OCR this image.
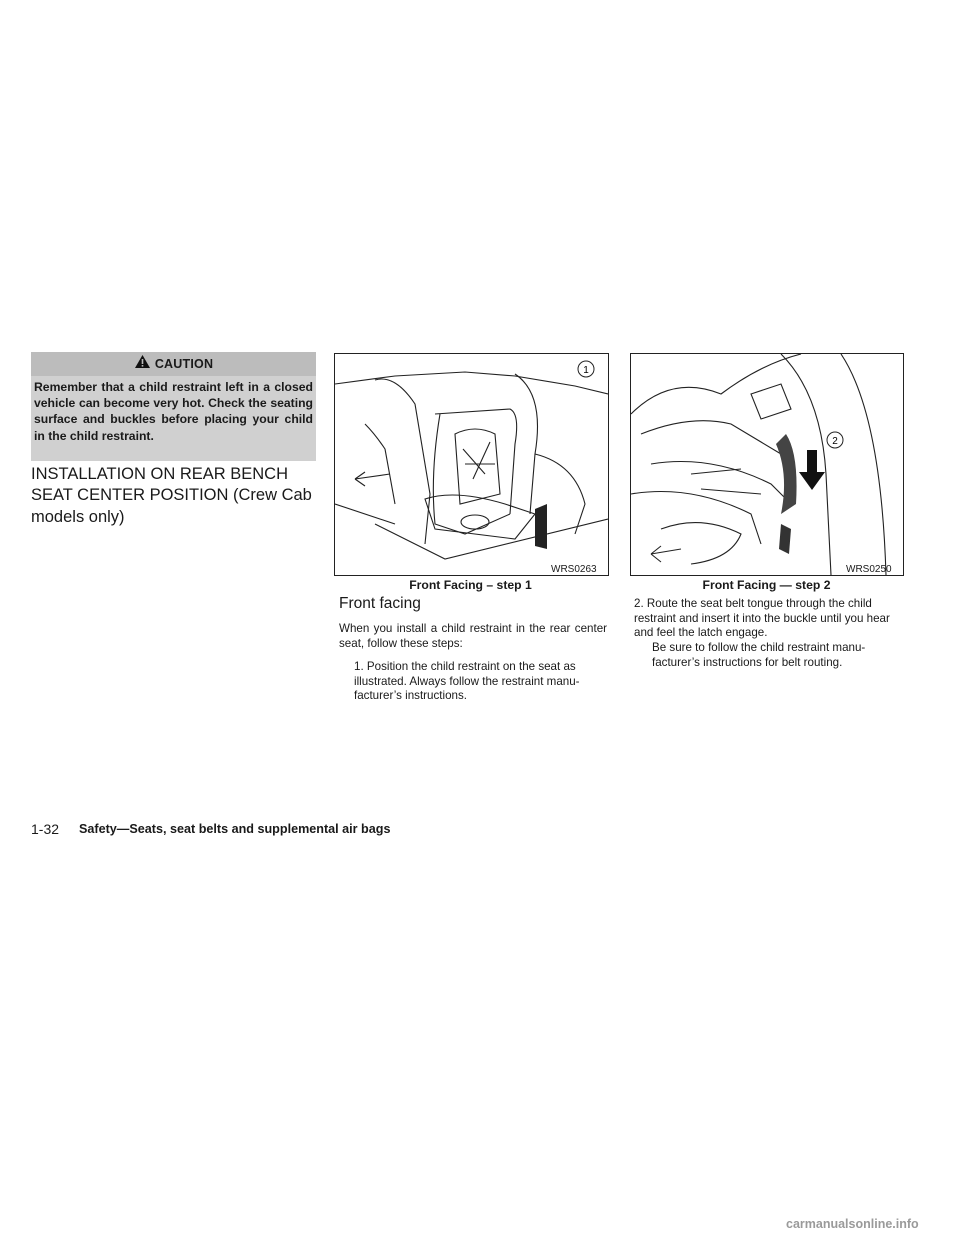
CAUTION
Remember that a child restraint left in a closed vehicle can become very hot. Check the seating surface and buckles before placing your child in the child restraint.
INSTALLATION ON REAR BENCH SEAT CENTER POSITION (Crew Cab models only)
1
WRS0263
Front Facing – step 1
2
WRS0250
Front Facing — step 2
Front facing
When you install a child restraint in the rear center seat, follow these steps:
1. Position the child restraint on the seat as illustrated. Always follow the restraint manu-facturer’s instructions.
2. Route the seat belt tongue through the child restraint and insert it into the buckle until you hear and feel the latch engage.
Be sure to follow the child restraint manu-facturer’s instructions for belt routing.
1-32 Safety—Seats, seat belts and supplemental air bags
carmanualsonline.info
